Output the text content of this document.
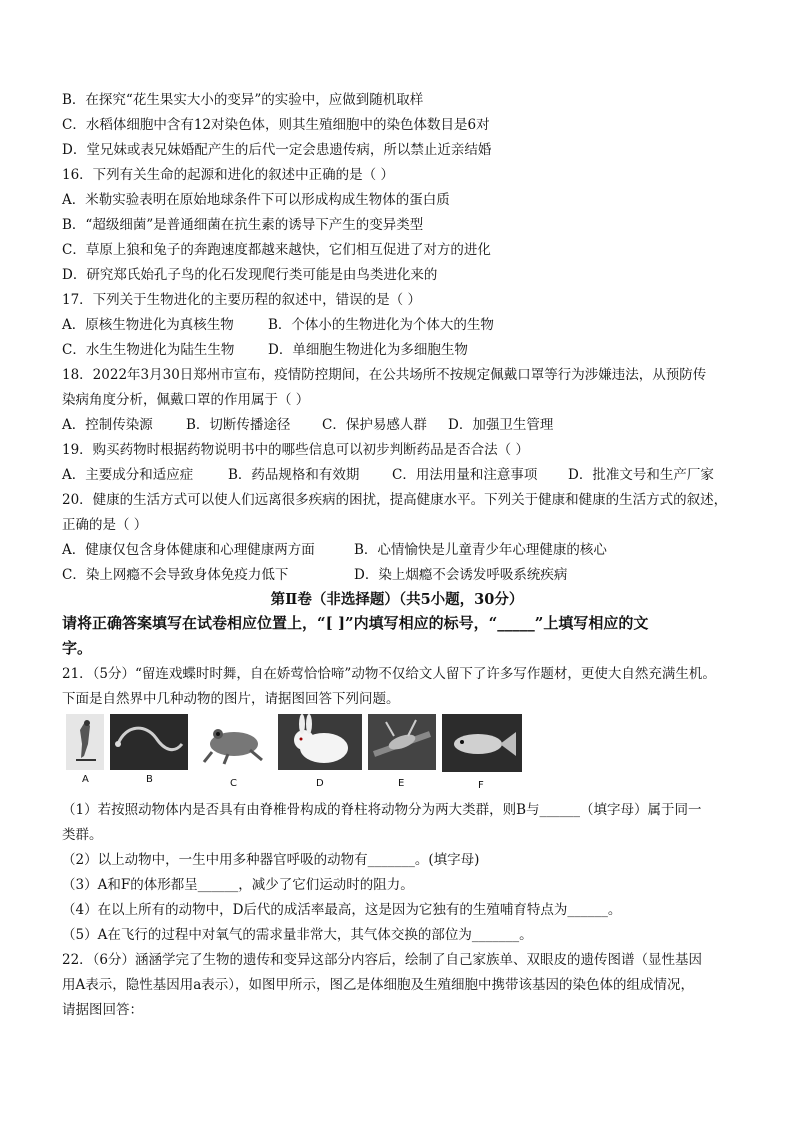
B．在探究“花生果实大小的变异”的实验中，应做到随机取样
C．水稻体细胞中含有12对染色体，则其生殖细胞中的染色体数目是6对
D．堂兄妹或表兄妹婚配产生的后代一定会患遗传病，所以禁止近亲结婚
16．下列有关生命的起源和进化的叙述中正确的是（ ）
A．米勒实验表明在原始地球条件下可以形成构成生物体的蛋白质
B．“超级细菌”是普通细菌在抗生素的诱导下产生的变异类型
C．草原上狼和兔子的奔跑速度都越来越快，它们相互促进了对方的进化
D．研究郑氏始孔子鸟的化石发现爬行类可能是由鸟类进化来的
17．下列关于生物进化的主要历程的叙述中，错误的是（ ）
A．原核生物进化为真核生物	B．个体小的生物进化为个体大的生物
C．水生生物进化为陆生生物 D．单细胞生物进化为多细胞生物
18．2022年3月30日郑州市宣布，疫情防控期间，在公共场所不按规定佩戴口罩等行为涉嫌违法，从预防传
染病角度分析，佩戴口罩的作用属于（ ）
A．控制传染源 B．切断传播途径 C．保护易感人群 D．加强卫生管理
19．购买药物时根据药物说明书中的哪些信息可以初步判断药品是否合法（ ）
A．主要成分和适应症	B．药品规格和有效期 C．用法用量和注意事项 D．批准文号和生产厂家
20．健康的生活方式可以使人们远离很多疾病的困扰，提高健康水平。下列关于健康和健康的生活方式的叙述，
正确的是（ ）
A．健康仅包含身体健康和心理健康两方面	B．心情愉快是儿童青少年心理健康的核心
C．染上网瘾不会导致身体免疫力低下	D．染上烟瘾不会诱发呼吸系统疾病
第Ⅱ卷（非选择题）（共5小题，30分）
请将正确答案填写在试卷相应位置上，“[ ]”内填写相应的标号，“_____”上填写相应的文
字。
21．（5分）“留连戏蝶时时舞，自在娇莺恰恰啼”动物不仅给文人留下了许多写作题材，更使大自然充满生机。
下面是自然界中几种动物的图片，请据图回答下列问题。
A	B	C	D	E	F
（1）若按照动物体内是否具有由脊椎骨构成的脊柱将动物分为两大类群，则B与______（填字母）属于同一
类群。
（2）以上动物中，一生中用多种器官呼吸的动物有_______。(填字母)
（3）A和F的体形都呈______，减少了它们运动时的阻力。
（4）在以上所有的动物中，D后代的成活率最高，这是因为它独有的生殖哺育特点为______。
（5）A在飞行的过程中对氧气的需求量非常大，其气体交换的部位为_______。
22．（6分）涵涵学完了生物的遗传和变异这部分内容后，绘制了自己家族单、双眼皮的遗传图谱（显性基因
用A表示，隐性基因用a表示），如图甲所示，图乙是体细胞及生殖细胞中携带该基因的染色体的组成情况，
请据图回答：
